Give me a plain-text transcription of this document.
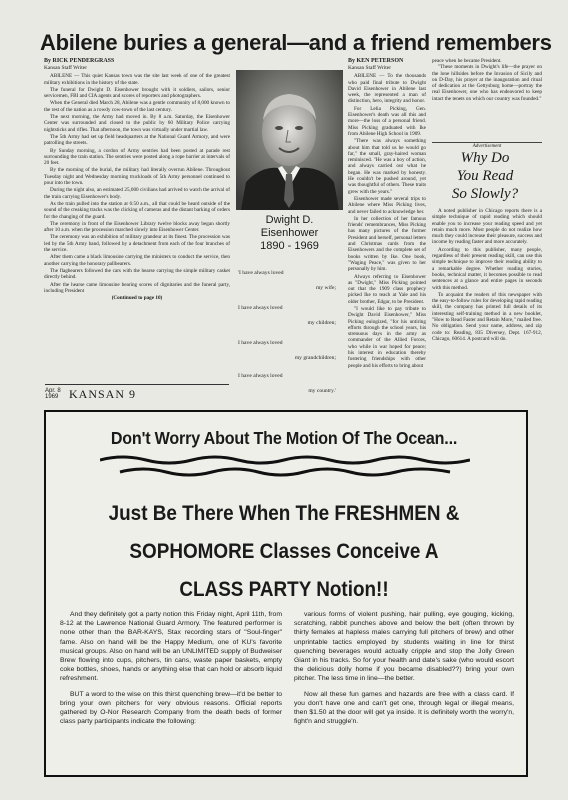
Abilene buries a general—and a friend remembers
By RICK PENDERGRASS
Kansan Staff Writer

ABILENE — This quiet Kansas town was the site last week of one of the greatest military exhibitions in the history of the state.

The funeral for Dwight D. Eisenhower brought with it soldiers, sailors, senior servicemen, FBI and CIA agents and scores of reporters and photographers.

When the General died March 28, Abilene was a gentle community of 8,000 known to the rest of the nation as a rowdy cow-town of the last century.

The next morning, the Army had moved in. By 8 a.m. Saturday, the Eisenhower Center was surrounded and closed to the public by 60 Military Police carrying nightsticks and rifles. That afternoon, the town was virtually under martial law.

The 5th Army had set up field headquarters at the National Guard Armory, and were patrolling the streets.

By Sunday morning, a cordon of Army sentries had been posted at parade rest surrounding the train station. The sentries were posted along a rope barrier at intervals of 20 feet.

By the morning of the burial, the military had literally overrun Abilene. Throughout Tuesday night and Wednesday morning truckloads of 5th Army personnel continued to pour into the town.

During the night also, an estimated 25,000 civilians had arrived to watch the arrival of the train carrying Eisenhower's body.

As the train pulled into the station at 6:50 a.m., all that could be heard outside of the sound of the creaking tracks was the clicking of cameras and the distant barking of orders for the changing of the guard.

The ceremony in front of the Eisenhower Library twelve blocks away began shortly after 10 a.m. when the procession marched slowly into Eisenhower Center.

The ceremony was an exhibition of military grandeur at its finest. The procession was led by the 5th Army band, followed by a detachment from each of the four branches of the service.

After them came a black limousine carrying the ministers to conduct the service, then another carrying the honorary pallbearers.

The flagbearers followed the cars with the hearse carrying the simple military casket directly behind.

After the hearse came limousine bearing scores of dignitaries and the funeral party, including President

(Continued to page 10)
Dwight D. Eisenhower
1890 - 1969
'I have always loved
my wife;
I have always loved
my children;
I have always loved
my grandchildren;
I have always loved
my country.'
Apr. 8
1969 KANSAN 9
By KEN PETERSON
Kansan Staff Writer

ABILENE — To the thousands who paid final tribute to Dwight David Eisenhower in Abilene last week, the represented a man of distinction, hero, integrity and honor.

For Lelia Picking, Gen. Eisenhower's death was all this and more—the loss of a personal friend. Miss Picking graduated with Ike from Abilene High School in 1909.

"There was always something about him that told us he would go far," the small, gray-haired woman reminisced. "He was a boy of action, and always carried out what he began. He was marked by honesty. He couldn't be pushed around, yet was thoughtful of others. These traits grew with the years."

Eisenhower made several trips to Abilene where Miss Picking lives, and never failed to acknowledge her.

In her collection of her famous friends' remembrances, Miss Picking has many pictures of the former President and herself, personal letters and Christmas cards from the Eisenhowers and the complete set of books written by Ike. One book, "Waging Peace," was given to her personally by him.

Always referring to Eisenhower as "Dwight," Miss Picking pointed out that the 1909 class prophecy picked Ike to teach at Yale and his older brother, Edgar, to be President.

"I would like to pay tribute to Dwight David Eisenhower," Miss Picking eulogized, "for his untiring efforts through the school years, his strenuous days in the army as commander of the Allied Forces, who while in war hoped for peace; his interest in education thereby fostering friendships with other people and his efforts to bring about

peace when he became President.

"These moments in Dwight's life—the prayer on the lone hillsides before the Invasion of Sicily and on D-Day, his prayer at the inauguration and ritual of dedication at the Gettysburg home—portray the real Eisenhower, one who has endeavored to keep intact the tenets on which our country was founded."

Advertisement
Why Do
You Read
So Slowly?

A noted publisher in Chicago reports there is a simple technique of rapid reading which should enable you to increase your reading speed and yet retain much more. Most people do not realize how much they could increase their pleasure, success and income by reading faster and more accurately.

According to this publisher, many people, regardless of their present reading skill, can use this simple technique to improve their reading ability to a remarkable degree. Whether reading stories, books, technical matter, it becomes possible to read sentences at a glance and entire pages in seconds with this method.

To acquaint the readers of this newspaper with the easy-to-follow rules for developing rapid reading skill, the company has printed full details of its interesting self-training method in a new booklet, "How to Read Faster and Retain More," mailed free. No obligation. Send your name, address, and zip code to: Reading, 835 Diversey, Dept. 167-912, Chicago, 60614. A postcard will do.

Don't Worry About The Motion Of The Ocean...
Just Be There When The FRESHMEN &
SOPHOMORE Classes Conceive A
CLASS PARTY Notion!!

And they definitely got a party notion this Friday night, April 11th, from 8-12 at the Lawrence National Guard Armory. The featured performer is none other than the BAR-KAYS, Stax recording stars of "Soul-finger" fame. Also on hand will be the Happy Medium, one of KU's favorite musical groups. Also on hand will be an UNLIMITED supply of Budweiser Brew flowing into cups, pitchers, tin cans, waste paper baskets, empty coke bottles, shoes, hands or anything else that can hold or absorb liquid refreshment.

BUT a word to the wise on this thirst quenching brew—it'd be better to bring your own pitchers for very obvious reasons. Official reports gathered by O-Nor Research Company from the death beds of former class party participants indicate the following:

various forms of violent pushing, hair pulling, eye gouging, kicking, scratching, rabbit punches above and below the belt (often thrown by thirty females at hapless males carrying full pitchers of brew) and other unprintable tactics employed by students waiting in line for thirst quenching beverages would actually cripple and stop the Jolly Green Giant in his tracks. So for your health and date's sake (who would escort the delicious dolly home if you became disabled??) bring your own pitcher. The less time in line—the better.

Now all these fun games and hazards are free with a class card. If you don't have one and can't get one, through legal or illegal means, then $1.50 at the door will get ya inside. It is definitely worth the worry'n, fight'n and struggle'n.
